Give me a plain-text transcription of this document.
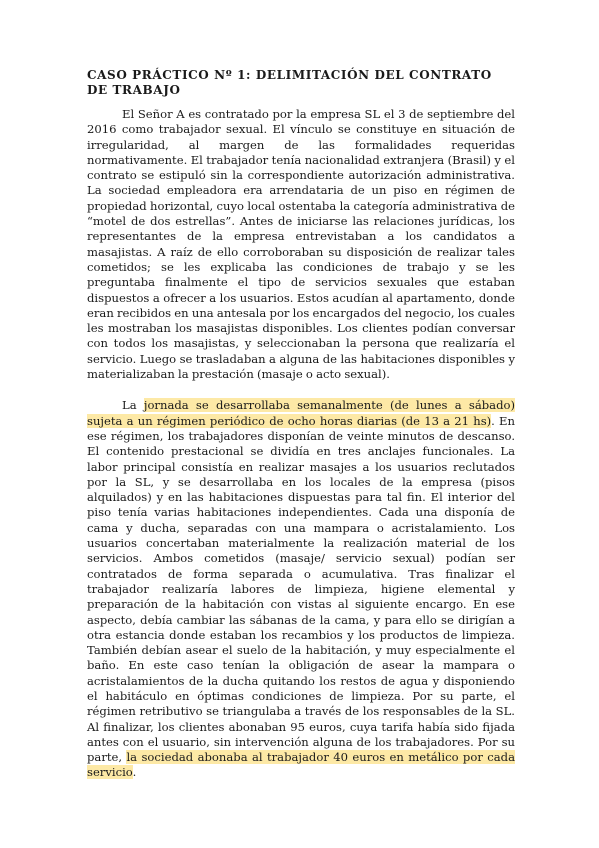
CASO PRÁCTICO Nº 1: DELIMITACIÓN DEL CONTRATO DE TRABAJO

El Señor A es contratado por la empresa SL el 3 de septiembre del 2016 como trabajador sexual. El vínculo se constituye en situación de irregularidad, al margen de las formalidades requeridas normativamente. El trabajador tenía nacionalidad extranjera (Brasil) y el contrato se estipuló sin la correspondiente autorización administrativa. La sociedad empleadora era arrendataria de un piso en régimen de propiedad horizontal, cuyo local ostentaba la categoría administrativa de “motel de dos estrellas”. Antes de iniciarse las relaciones jurídicas, los representantes de la empresa entrevistaban a los candidatos a masajistas. A raíz de ello corroboraban su disposición de realizar tales cometidos; se les explicaba las condiciones de trabajo y se les preguntaba finalmente el tipo de servicios sexuales que estaban dispuestos a ofrecer a los usuarios. Estos acudían al apartamento, donde eran recibidos en una antesala por los encargados del negocio, los cuales les mostraban los masajistas disponibles. Los clientes podían conversar con todos los masajistas, y seleccionaban la persona que realizaría el servicio. Luego se trasladaban a alguna de las habitaciones disponibles y materializaban la prestación (masaje o acto sexual).

La jornada se desarrollaba semanalmente (de lunes a sábado) sujeta a un régimen periódico de ocho horas diarias (de 13 a 21 hs). En ese régimen, los trabajadores disponían de veinte minutos de descanso. El contenido prestacional se dividía en tres anclajes funcionales. La labor principal consistía en realizar masajes a los usuarios reclutados por la SL, y se desarrollaba en los locales de la empresa (pisos alquilados) y en las habitaciones dispuestas para tal fin. El interior del piso tenía varias habitaciones independientes. Cada una disponía de cama y ducha, separadas con una mampara o acristalamiento. Los usuarios concertaban materialmente la realización material de los servicios. Ambos cometidos (masaje/ servicio sexual) podían ser contratados de forma separada o acumulativa. Tras finalizar el trabajador realizaría labores de limpieza, higiene elemental y preparación de la habitación con vistas al siguiente encargo. En ese aspecto, debía cambiar las sábanas de la cama, y para ello se dirigían a otra estancia donde estaban los recambios y los productos de limpieza. También debían asear el suelo de la habitación, y muy especialmente el baño. En este caso tenían la obligación de asear la mampara o acristalamientos de la ducha quitando los restos de agua y disponiendo el habitáculo en óptimas condiciones de limpieza. Por su parte, el régimen retributivo se triangulaba a través de los responsables de la SL. Al finalizar, los clientes abonaban 95 euros, cuya tarifa había sido fijada antes con el usuario, sin intervención alguna de los trabajadores. Por su parte, la sociedad abonaba al trabajador 40 euros en metálico por cada servicio.
